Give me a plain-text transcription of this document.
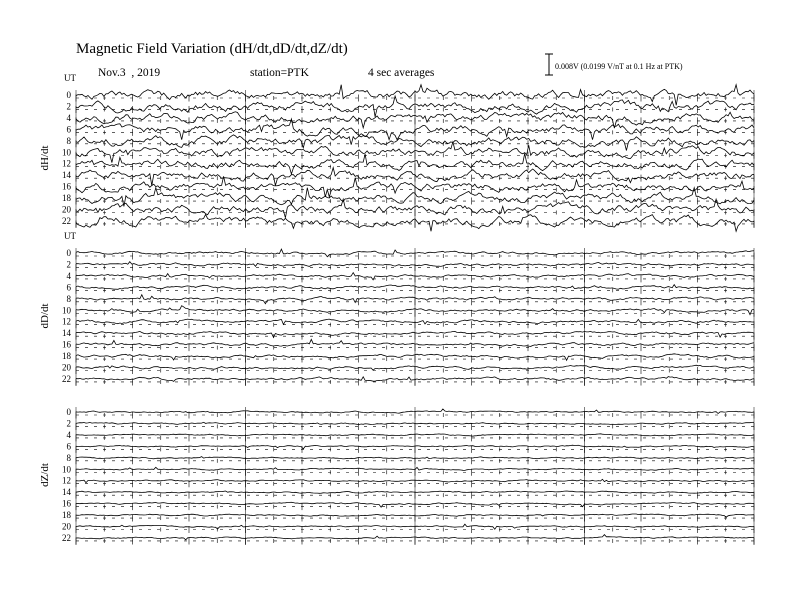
Magnetic Field Variation (dH/dt,dD/dt,dZ/dt)
Nov.3  , 2019	station=PTK	4 sec averages
0.008V (0.0199 V/nT at 0.1 Hz at PTK)
UT
dH/dt
0
2
4
6
8
10
12
14
16
18
20
22
UT
dD/dt
0
2
4
6
8
10
12
14
16
18
20
22
dZ/dt
0
2
4
6
8
10
12
14
16
18
20
22
